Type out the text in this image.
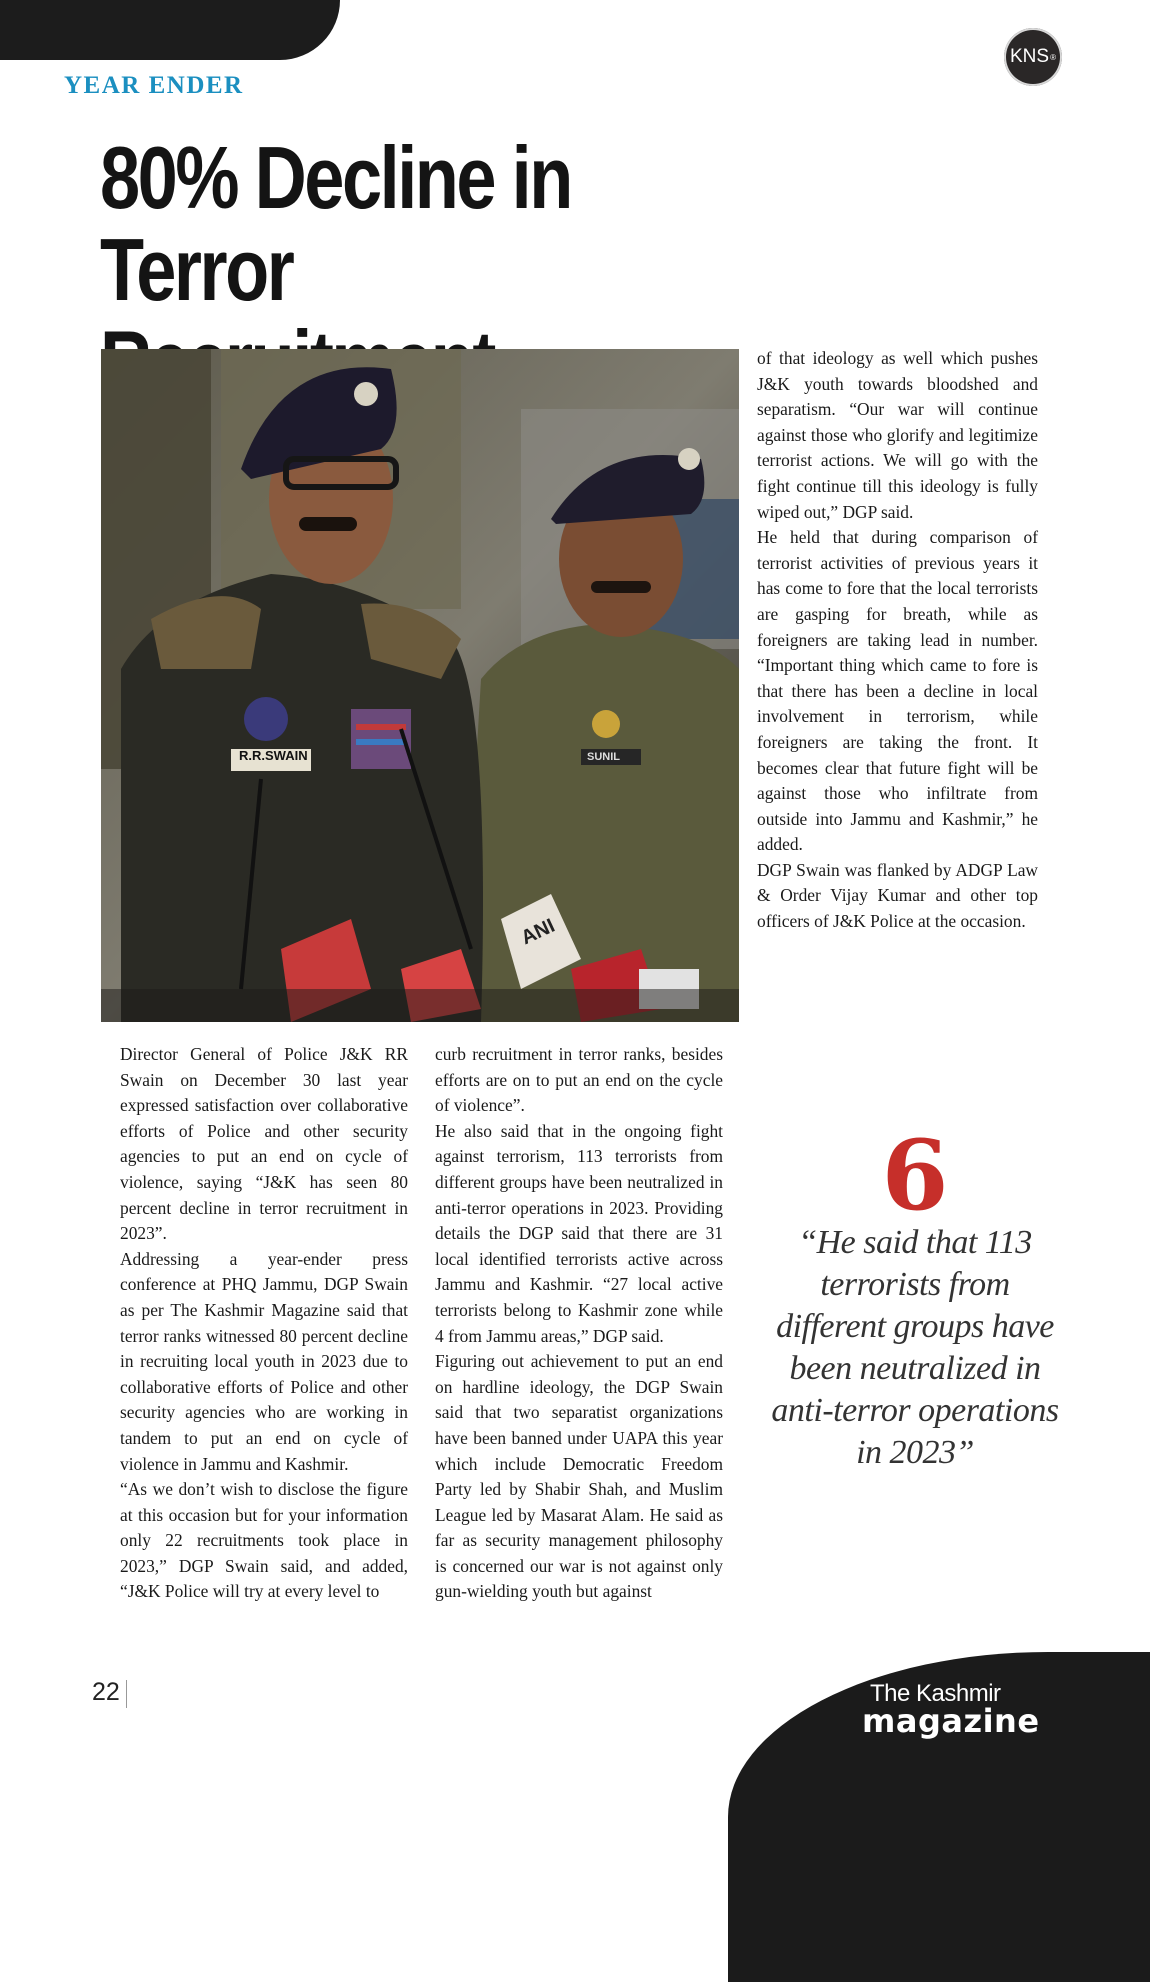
YEAR ENDER
KNS ®
80% Decline in
Terror
R.R.SWAIN	SUNIL
ANI

of that ideology as well which pushes J&K youth towards bloodshed and separatism. “Our war will continue against those who glorify and legitimize terrorist actions. We will go with the fight continue till this ideology is fully wiped out,” DGP said.

He held that during comparison of terrorist activities of previous years it has come to fore that the local terrorists are gasping for breath, while as foreigners are taking lead in number. “Important thing which came to fore is that there has been a decline in local involvement in terrorism, while foreigners are taking the front. It becomes clear that future fight will be against those who infiltrate from outside into Jammu and Kashmir,” he added.

DGP Swain was flanked by ADGP Law & Order Vijay Kumar and other top officers of J&K Police at the occasion.

Director General of Police J&K RR Swain on December 30 last year expressed satisfaction over collaborative efforts of Police and other security agencies to put an end on cycle of violence, saying “J&K has seen 80 percent decline in terror recruitment in 2023”.

Addressing a year-ender press conference at PHQ Jammu, DGP Swain as per The Kashmir Magazine said that terror ranks witnessed 80 percent decline in recruiting local youth in 2023 due to collaborative efforts of Police and other security agencies who are working in tandem to put an end on cycle of violence in Jammu and Kashmir.

“As we don’t wish to disclose the figure at this occasion but for your information only 22 recruitments took place in 2023,” DGP Swain said, and added, “J&K Police will try at every level to

curb recruitment in terror ranks, besides efforts are on to put an end on the cycle of violence”.

He also said that in the ongoing fight against terrorism, 113 terrorists from different groups have been neutralized in anti-terror operations in 2023. Providing details the DGP said that there are 31 local identified terrorists active across Jammu and Kashmir. “27 local active terrorists belong to Kashmir zone while 4 from Jammu areas,” DGP said.

Figuring out achievement to put an end on hardline ideology, the DGP Swain said that two separatist organizations have been banned under UAPA this year which include Democratic Freedom Party led by Shabir Shah, and Muslim League led by Masarat Alam. He said as far as security management philosophy is concerned our war is not against only gun-wielding youth but against

6

“He said that 113 terrorists from different groups have been neutralized in anti-terror operations in 2023”

22	The Kashmir
magazine
